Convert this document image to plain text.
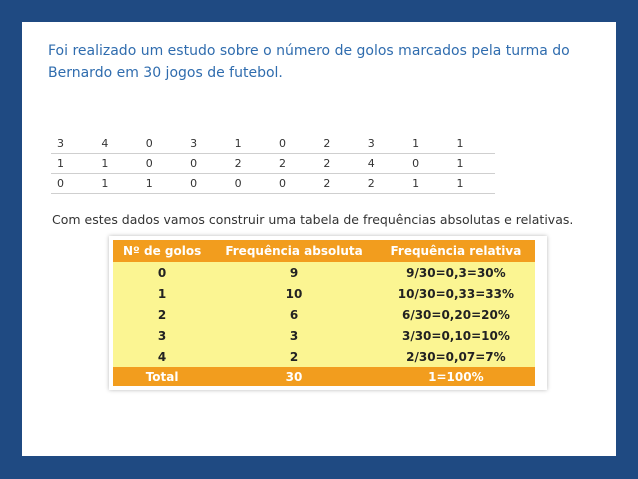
Foi realizado um estudo sobre o número de golos marcados pela turma do Bernardo em 30 jogos de futebol.
3	4	0	3	1	0	2	3	1	1
1	1	0	0	2	2	2	4	0	1
0	1	1	0	0	0	2	2	1	1
Com estes dados vamos construir uma tabela de frequências absolutas e relativas.
Nº de golos	Frequência absoluta	Frequência relativa
0	9	9/30=0,3=30%
1	10	10/30=0,33=33%
2	6	6/30=0,20=20%
3	3	3/30=0,10=10%
4	2	2/30=0,07=7%
Total	30	1=100%
